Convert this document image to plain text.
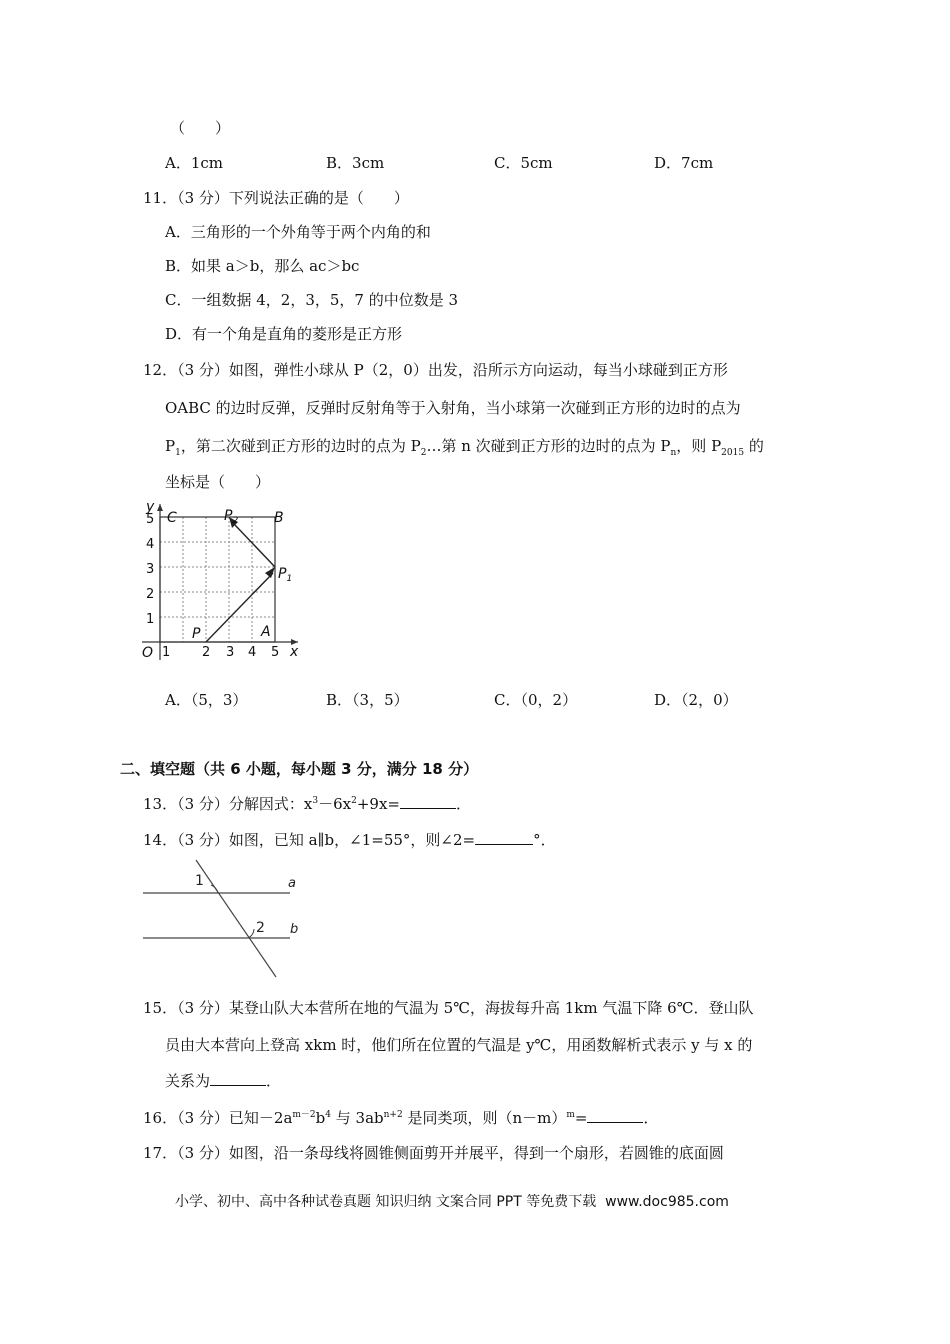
（　　）
A．1cm	B．3cm	C．5cm	D．7cm
11．（3 分）下列说法正确的是（　　）
A．三角形的一个外角等于两个内角的和
B．如果 a＞b，那么 ac＞bc
C．一组数据 4，2，3，5，7 的中位数是 3
D．有一个角是直角的菱形是正方形
12．（3 分）如图，弹性小球从 P（2，0）出发，沿所示方向运动，每当小球碰到正方形
OABC 的边时反弹，反弹时反射角等于入射角，当小球第一次碰到正方形的边时的点为
$P_1$，第二次碰到正方形的边时的点为 $P_2\dots$第 n 次碰到正方形的边时的点为 $P_n$，则 $P_{2015}$ 的
坐标是（　　）
1 2 3 4 5
1
2
3
4
5
O	x
y
C	B
P	A
$P_1$
$P_2$
A．（5，3）	B．（3，5）	C．（0，2）	D．（2，0）
二、填空题（共 6 小题，每小题 3 分，满分 18 分）
13．（3 分）分解因式：$x^3-6x^2+9x=$	．
14．（3 分）如图，已知 a∥b，∠1=55°，则∠2=	°．
1
2
a
b
15．（3 分）某登山队大本营所在地的气温为 5℃，海拔每升高 1km 气温下降 6℃．登山队
员由大本营向上登高 xkm 时，他们所在位置的气温是 y℃，用函数解析式表示 y 与 x 的
关系为	．
16．（3 分）已知$-2a^{m-2}b^4$ 与 $3ab^{n+2}$ 是同类项，则$(n-m)^m=$	．
17．（3 分）如图，沿一条母线将圆锥侧面剪开并展平，得到一个扇形，若圆锥的底面圆
小学、初中、高中各种试卷真题 知识归纳 文案合同 PPT 等免费下载 www.doc985.com
